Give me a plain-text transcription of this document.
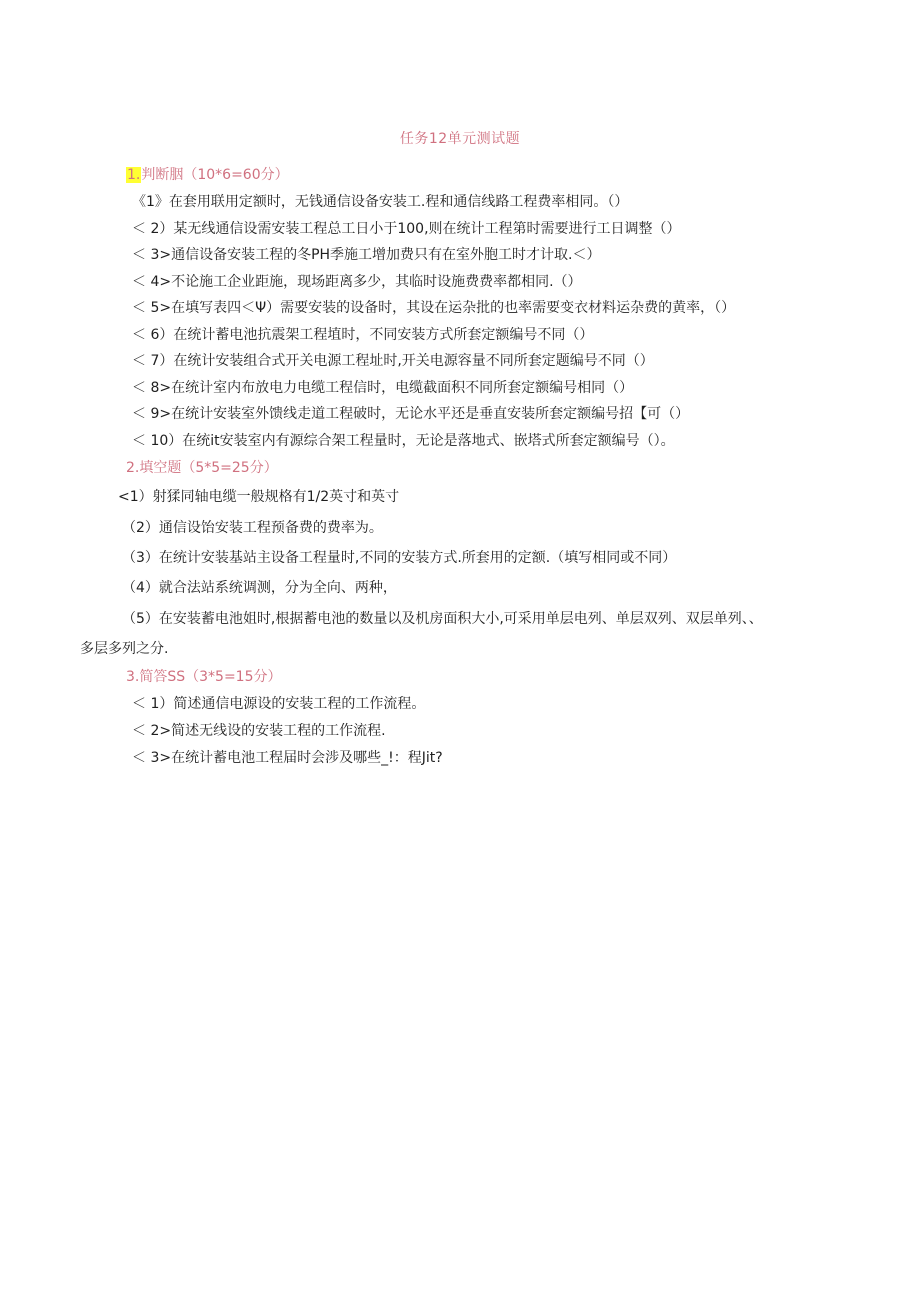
任务12单元测试题
1.判断胭（10*6=60分）
《1》在套用联用定额时，无钱通信设备安装工.程和通信线路工程费率相同。（）
＜ 2）某无线通信设需安装工程总工日小于100,则在统计工程第时需要进行工日调整（）
＜ 3>通信设备安装工程的冬PH季施工增加费只有在室外胞工时才计取.＜）
＜ 4>不论施工企业距施，现场距离多少，其临时设施费费率都相同.（）
＜ 5>在填写表四＜Ψ）需要安装的设备时，其设在运杂批的也率需要变衣材料运杂费的黄率，（）
＜ 6）在统计蓄电池抗震架工程埴时，不同安装方式所套定额编号不同（）
＜ 7）在统计安装组合式开关电源工程址时,开关电源容量不同所套定题编号不同（）
＜ 8>在统计室内布放电力电缆工程信时，电缆截面积不同所套定额编号相同（）
＜ 9>在统计安装室外馈线走道工程破时，无论水平还是垂直安装所套定额编号招【可（）
＜ 10）在统it安装室内有源综合架工程量时，无论是落地式、嵌塔式所套定额编号（）。
2.填空题（5*5=25分）
<1）射猱同轴电缆一般规格有1/2英寸和英寸
（2）通信设饴安装工程预备费的费率为。
（3）在统计安装基站主设备工程量时,不同的安装方式.所套用的定额.（填写相同或不同）
（4）就合法站系统调测，分为全向、两种，
（5）在安装蓄电池姐时,根据蓄电池的数量以及机房面积大小,可采用单层电列、单层双列、双层单列、、
多层多列之分.
3.简答SS（3*5=15分）
＜ 1）简述通信电源设的安装工程的工作流程。
＜ 2>简述无线设的安装工程的工作流程.
＜ 3>在统计蓄电池工程届时会涉及哪些_!：程Jit?
